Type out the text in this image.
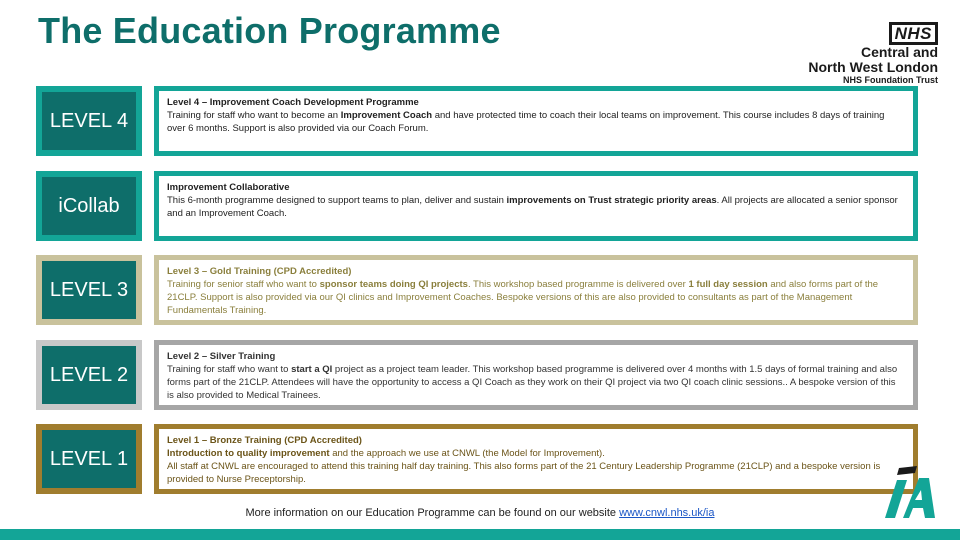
The Education Programme	NHS
Central and
North West London
NHS Foundation Trust
LEVEL 4
Level 4 – Improvement Coach Development Programme
Training for staff who want to become an Improvement Coach and have protected time to coach their local teams on improvement. This course includes 8 days of training over 6 months. Support is also provided via our Coach Forum.
iCollab
Improvement Collaborative
This 6-month programme designed to support teams to plan, deliver and sustain improvements on Trust strategic priority areas. All projects are allocated a senior sponsor and an Improvement Coach.
LEVEL 3
Level 3 – Gold Training (CPD Accredited)
Training for senior staff who want to sponsor teams doing QI projects. This workshop based programme is delivered over 1 full day session and also forms part of the 21CLP. Support is also provided via our QI clinics and Improvement Coaches. Bespoke versions of this are also provided to consultants as part of the Management Fundamentals Training.
LEVEL 2
Level 2 – Silver Training
Training for staff who want to start a QI project as a project team leader. This workshop based programme is delivered over 4 months with 1.5 days of formal training and also forms part of the 21CLP. Attendees will have the opportunity to access a QI Coach as they work on their QI project via two QI coach clinic sessions.. A bespoke version of this is also provided to Medical Trainees.
LEVEL 1
Level 1 – Bronze Training (CPD Accredited)
Introduction to quality improvement and the approach we use at CNWL (the Model for Improvement).
All staff at CNWL are encouraged to attend this training half day training. This also forms part of the 21 Century Leadership Programme (21CLP) and a bespoke version is provided to Nurse Preceptorship.
More information on our Education Programme can be found on our website www.cnwl.nhs.uk/ia
